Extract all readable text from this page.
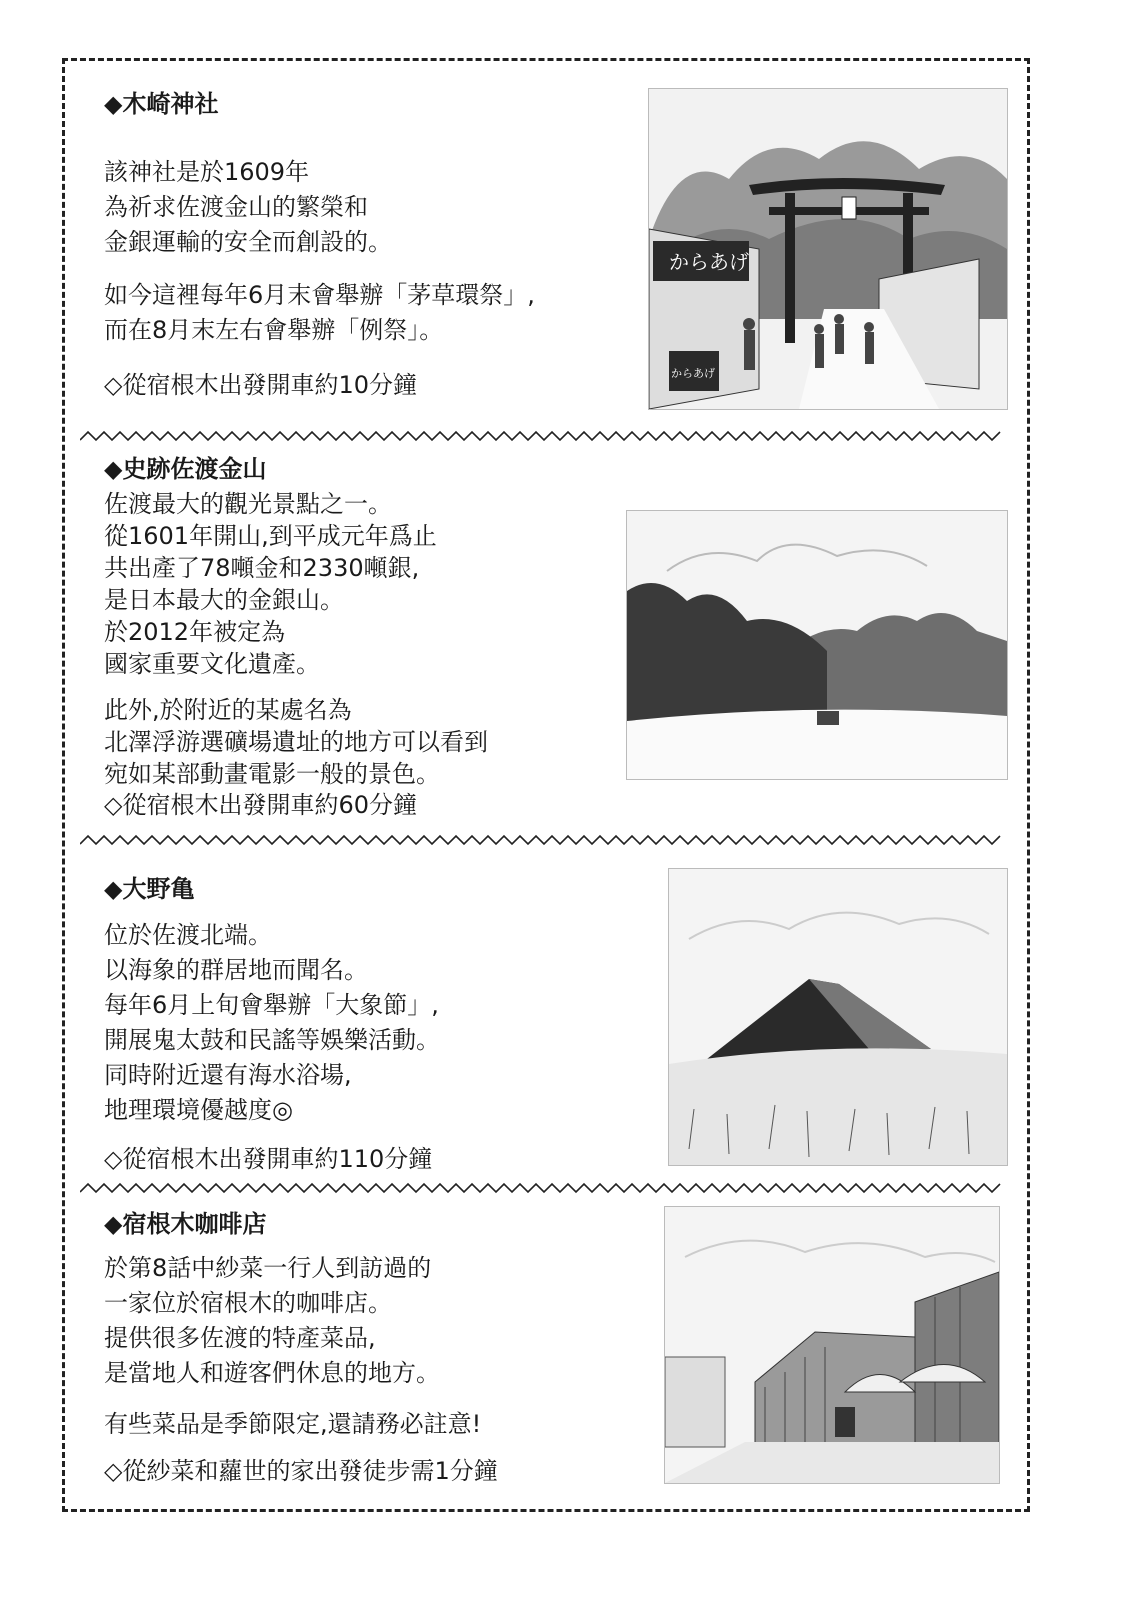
◆木崎神社

該神社是於1609年
為祈求佐渡金山的繁榮和
金銀運輸的安全而創設的。

如今這裡每年6月末會舉辦「茅草環祭」,
而在8月末左右會舉辦「例祭」。

◇從宿根木出發開車約10分鐘

からあげ
からあげ
◆史跡佐渡金山

佐渡最大的觀光景點之一。
從1601年開山,到平成元年爲止
共出產了78噸金和2330噸銀,
是日本最大的金銀山。
於2012年被定為
國家重要文化遺產。

此外,於附近的某處名為
北澤浮游選礦場遺址的地方可以看到
宛如某部動畫電影一般的景色。

◇從宿根木出發開車約60分鐘

◆大野亀

位於佐渡北端。
以海象的群居地而聞名。
每年6月上旬會舉辦「大象節」,
開展鬼太鼓和民謠等娛樂活動。
同時附近還有海水浴場,
地理環境優越度◎

◇從宿根木出發開車約110分鐘

◆宿根木咖啡店

於第8話中紗菜一行人到訪過的
一家位於宿根木的咖啡店。
提供很多佐渡的特產菜品,
是當地人和遊客們休息的地方。

有些菜品是季節限定,還請務必註意!

◇從紗菜和蘿世的家出發徒步需1分鐘
